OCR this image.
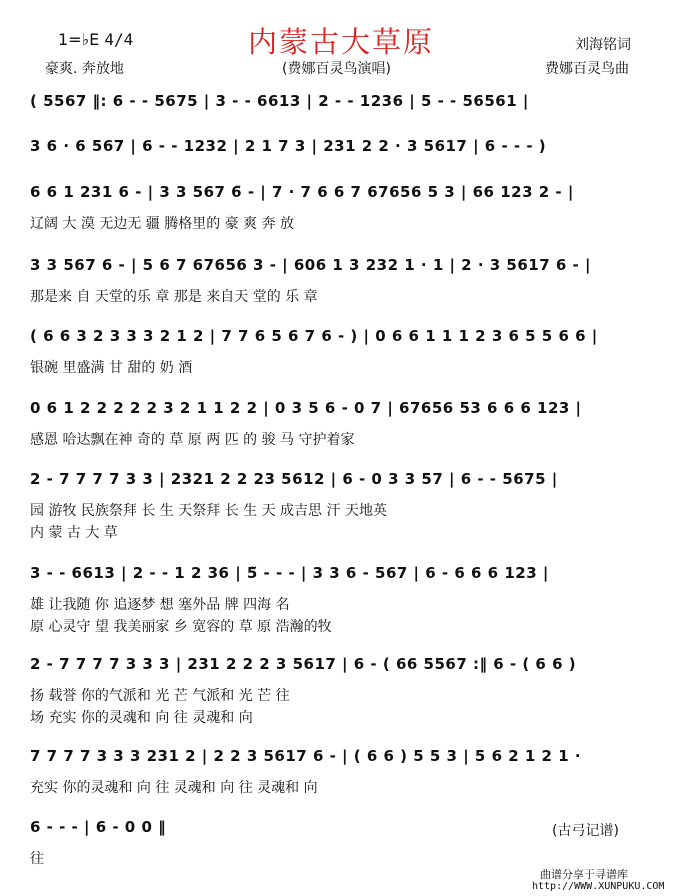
1=♭E 4/4	内蒙古大草原	刘海铭词
豪爽. 奔放地	(费娜百灵鸟演唱)	费娜百灵鸟曲
( 5567 ‖: 6 - - 5675 | 3 - - 6613 | 2 - - 1236 | 5 - - 56561 |
3 6 · 6 567 | 6 - - 1232 | 2 1 7 3 | 231 2 2 · 3 5617 | 6 - - - )
6 6 1 231 6 - | 3 3 567 6̃ - | 7 · 7 6 6 7 67656 5 3 | 66 123 2 - |
辽阔 大 漠 无边无 疆 腾格里的 豪 爽 奔 放
3 3 567 6 - | 5 6 7 67656 3 - | 606 1 3 232 1 · 1 | 2 · 3 5617 6 - |
那是来 自 天堂的乐 章 那是 来自天 堂的 乐 章
( 6 6 3 2 3 3 3 2 1 2 | 7 7 6 5 6 7 6 - ) | 0 6 6 1 1 1 2 3 6 5 5 6 6 |
银碗 里盛满 甘 甜的 奶 酒
0 6 1 2 2 2 2 2 3 2 1 1 2 2 | 0 3 5 6 - 0 7 | 67656 53 6 6 6 123 |
感恩 哈达飘在神 奇的 草 原 两 匹 的 骏 马 守护着家
2 - 7 7 7 7 3 3 | 2321 2 2 23 5612 | 6 - 0 3 3 57 | 6 - - 5675 |
园 游牧 民族祭拜 长 生 天祭拜 长 生 天 成吉思 汗 天地英
内 蒙 古 大 草
3 - - 6613 | 2 - - 1 2 36 | 5̃ - - - | 3 3 6 - 567 | 6 - 6 6 6 123 |
雄 让我随 你 追逐梦 想 塞外品 牌 四海 名
原 心灵守 望 我美丽家 乡 宽容的 草 原 浩瀚的牧
2 - 7 7 7 7 3 3 3 | 231 2 2 2 3 5617 | 6 - ( 66 5567 :‖ 6 - ( 6 6 )
扬 载誉 你的气派和 光 芒 气派和 光 芒 往
场 充实 你的灵魂和 向 往 灵魂和 向
7 7 7 7 3 3 3 231 2 | 2 2 3 5617 6 - | ( 6 6 ) 5 5 3 | 5 6 2 1 2 1 ·
充实 你的灵魂和 向 往 灵魂和 向 往 灵魂和 向
6 - - - | 6 - 0 0 ‖
往
(古弓记谱)
曲谱分享于寻谱库
http://WWW.XUNPUKU.COM
